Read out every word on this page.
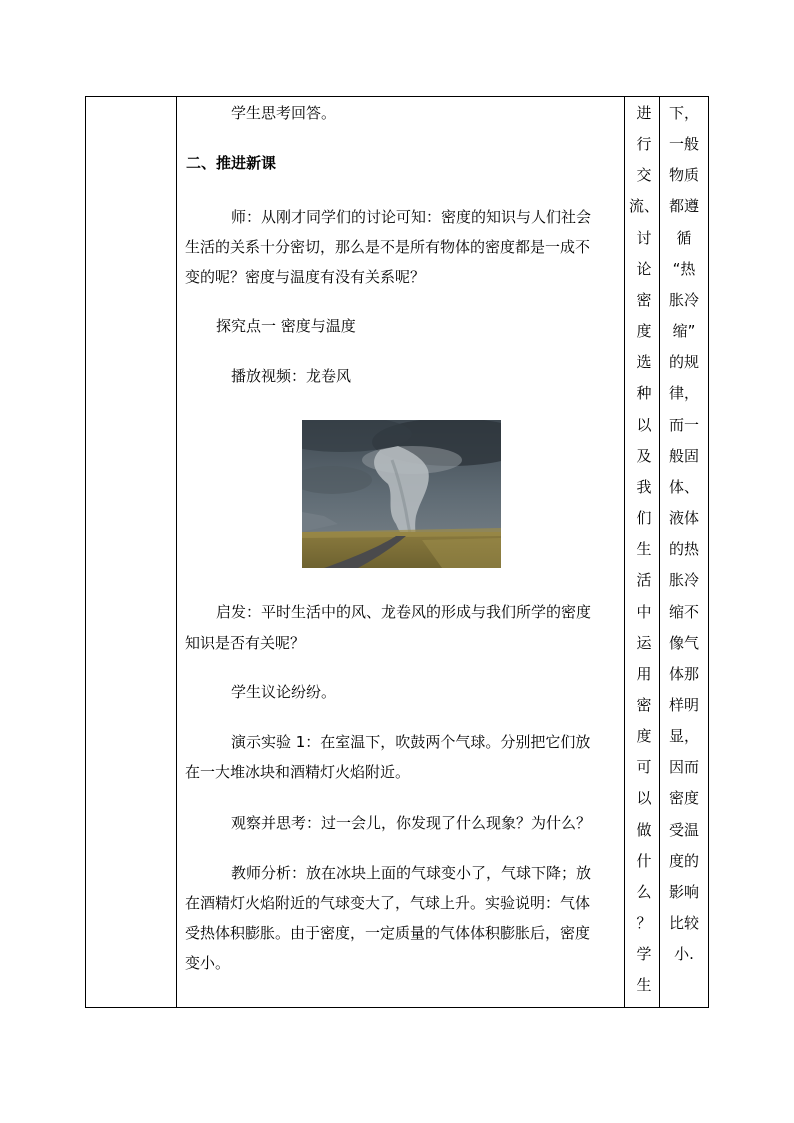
学生思考回答。
二、推进新课
师：从刚才同学们的讨论可知：密度的知识与人们社会
生活的关系十分密切，那么是不是所有物体的密度都是一成不
变的呢？密度与温度有没有关系呢？
探究点一 密度与温度
播放视频：龙卷风
启发：平时生活中的风、龙卷风的形成与我们所学的密度
知识是否有关呢？
学生议论纷纷。
演示实验 1：在室温下，吹鼓两个气球。分别把它们放
在一大堆冰块和酒精灯火焰附近。
观察并思考：过一会儿，你发现了什么现象？为什么？
教师分析：放在冰块上面的气球变小了，气球下降；放
在酒精灯火焰附近的气球变大了，气球上升。实验说明：气体
受热体积膨胀。由于密度，一定质量的气体体积膨胀后，密度
变小。
进
行
交
流、
讨
论
密
度
选
种
以
及
我
们
生
活
中
运
用
密
度
可
以
做
什
么
？
学
生
下，
一般
物质
都遵
循
“热
胀冷
缩”
的规
律，
而一
般固
体、
液体
的热
胀冷
缩不
像气
体那
样明
显，
因而
密度
受温
度的
影响
比较
小.
